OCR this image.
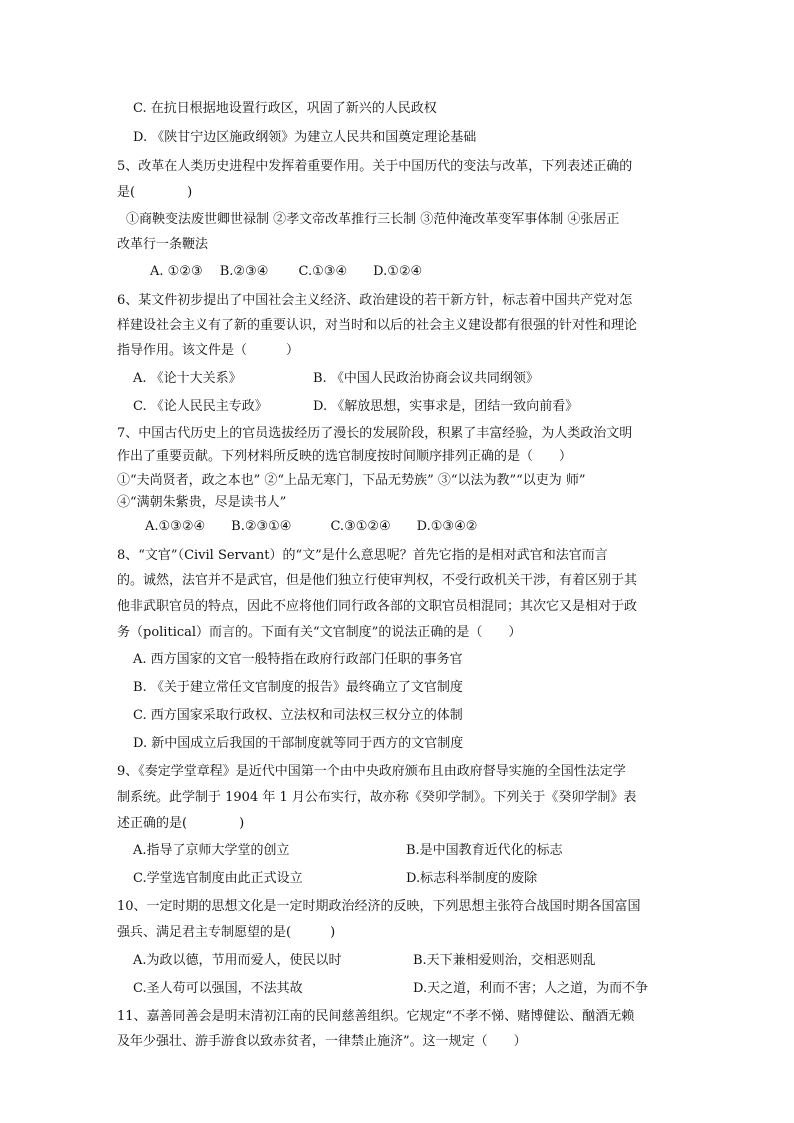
C. 在抗日根据地设置行政区，巩固了新兴的人民政权
D. 《陕甘宁边区施政纲领》为建立人民共和国奠定理论基础
5、改革在人类历史进程中发挥着重要作用。关于中国历代的变法与改革，下列表述正确的
是(　　　　)
①商鞅变法废世卿世禄制 ②孝文帝改革推行三长制 ③范仲淹改革变军事体制 ④张居正
改革行一条鞭法
A. ①②③　 B.②③④　　 C.①③④　　D.①②④
6、某文件初步提出了中国社会主义经济、政治建设的若干新方针，标志着中国共产党对怎
样建设社会主义有了新的重要认识，对当时和以后的社会主义建设都有很强的针对性和理论
指导作用。该文件是（　　　）
A. 《论十大关系》	B. 《中国人民政治协商会议共同纲领》
C. 《论人民民主专政》	D. 《解放思想，实事求是，团结一致向前看》
7、中国古代历史上的官员选拔经历了漫长的发展阶段，积累了丰富经验，为人类政治文明
作出了重要贡献。下列材料所反映的选官制度按时间顺序排列正确的是（　　）
①“夫尚贤者，政之本也” ②“上品无寒门，下品无势族” ③“以法为教”“以吏为 师”
④“满朝朱紫贵，尽是读书人”
A.①③②④　　B.②③①④　　　C.③①②④　　D.①③④②
8、“文官”（Civil Servant）的“文”是什么意思呢？首先它指的是相对武官和法官而言
的。诚然，法官并不是武官，但是他们独立行使审判权，不受行政机关干涉，有着区别于其
他非武职官员的特点，因此不应将他们同行政各部的文职官员相混同；其次它又是相对于政
务（political）而言的。下面有关“文官制度”的说法正确的是（　　）
A. 西方国家的文官一般特指在政府行政部门任职的事务官
B. 《关于建立常任文官制度的报告》最终确立了文官制度
C. 西方国家采取行政权、立法权和司法权三权分立的体制
D. 新中国成立后我国的干部制度就等同于西方的文官制度
9、《奏定学堂章程》是近代中国第一个由中央政府颁布且由政府督导实施的全国性法定学
制系统。此学制于 1904 年 1 月公布实行，故亦称《癸卯学制》。下列关于《癸卯学制》表
述正确的是(　　　　)
A.指导了京师大学堂的创立	B.是中国教育近代化的标志
C.学堂选官制度由此正式设立	D.标志科举制度的废除
10、一定时期的思想文化是一定时期政治经济的反映，下列思想主张符合战国时期各国富国
强兵、满足君主专制愿望的是(　　　)
A.为政以德，节用而爱人，使民以时	B.天下兼相爱则治，交相恶则乱
C.圣人苟可以强国，不法其故	D.天之道，利而不害；人之道，为而不争
11、嘉善同善会是明末清初江南的民间慈善组织。它规定“不孝不悌、赌博健讼、酗酒无赖
及年少强壮、游手游食以致赤贫者，一律禁止施济”。这一规定（　　）
